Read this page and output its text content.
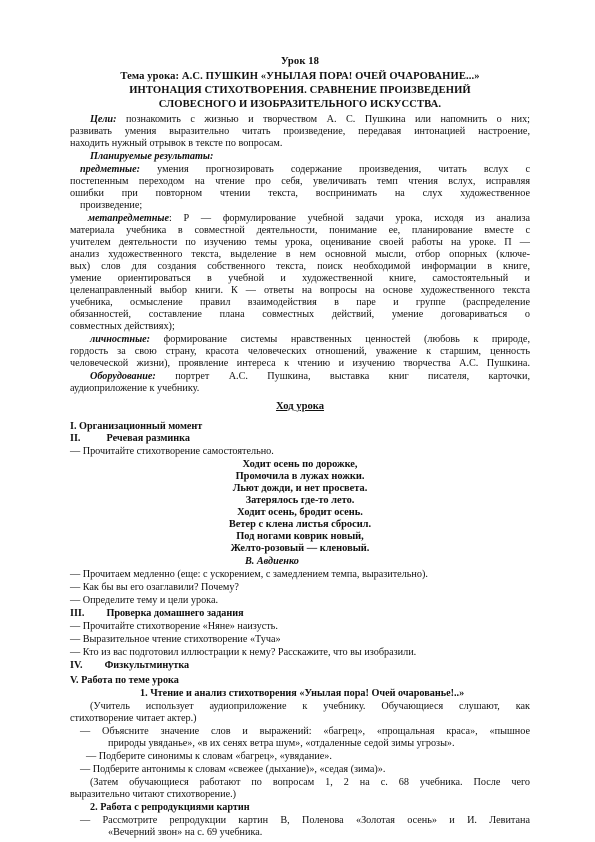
Урок 18
Тема урока: А.С. ПУШКИН «УНЫЛАЯ ПОРА! ОЧЕЙ ОЧАРОВАНИЕ...»
ИНТОНАЦИЯ СТИХОТВОРЕНИЯ. СРАВНЕНИЕ ПРОИЗВЕДЕНИЙ
СЛОВЕСНОГО И ИЗОБРАЗИТЕЛЬНОГО ИСКУССТВА.
Цели: познакомить с жизнью и творчеством А. С. Пушкина или напомнить о них;
развивать умения выразительно читать произведение, передавая интонацией настроение,
находить нужный отрывок в тексте по вопросам.
Планируемые результаты:
предметные: умения прогнозировать содержание произведения, читать вслух с
постепенным переходом на чтение про себя, увеличивать темп чтения вслух, исправляя
ошибки при повторном чтении текста, воспринимать на слух художественное
произведение;
метапредметные: Р — формулирование учебной задачи урока, исходя из анализа
материала учебника в совместной деятельности, понимание ее, планирование вместе с
учителем деятельности по изучению темы урока, оценивание своей работы на уроке. П —
анализ художественного текста, выделение в нем основной мысли, отбор опорных (ключе-
вых) слов для создания собственного текста, поиск необходимой информации в книге,
умение ориентироваться в учебной и художественной книге, самостоятельный и
целенаправленный выбор книги. К — ответы на вопросы на основе художественного текста
учебника, осмысление правил взаимодействия в паре и группе (распределение
обязанностей, составление плана совместных действий, умение договариваться о
совместных действиях);
личностные: формирование системы нравственных ценностей (любовь к природе,
гордость за свою страну, красота человеческих отношений, уважение к старшим, ценность
человеческой жизни), проявление интереса к чтению и изучению творчества А.С. Пушкина.
Оборудование: портрет А.С. Пушкина, выставка книг писателя, карточки,
аудиоприложение к учебнику.
Ход урока
I. Организационный момент
II.	Речевая разминка
— Прочитайте стихотворение самостоятельно.
Ходит осень по дорожке,
Промочила в лужах ножки.
Льют дожди, и нет просвета.
Затерялось где-то лето.
Ходит осень, бродит осень.
Ветер с клена листья сбросил.
Под ногами коврик новый,
Желто-розовый — кленовый.
В. Авдиенко
— Прочитаем медленно (еще: с ускорением, с замедлением темпа, выразительно).
— Как бы вы его озаглавили? Почему?
— Определите тему и цели урока.
III. Проверка домашнего задания
— Прочитайте стихотворение «Няне» наизусть.
— Выразительное чтение стихотворение «Туча»
— Кто из вас подготовил иллюстрации к нему? Расскажите, что вы изобразили.
IV. Физкультминутка
V. Работа по теме урока
1. Чтение и анализ стихотворения «Унылая пора! Очей очарованье!..»
(Учитель использует аудиоприложение к учебнику. Обучающиеся слушают, как
стихотворение читает актер.)
— Объясните значение слов и выражений: «багрец», «прощальная краса», «пышное
природы увяданье», «в их сенях ветра шум», «отдаленные седой зимы угрозы».
— Подберите синонимы к словам «багрец», «увядание».
— Подберите антонимы к словам «свежее (дыхание)», «седая (зима)».
(Затем обучающиеся работают по вопросам 1, 2 на с. 68 учебника. После чего
выразительно читают стихотворение.)
2. Работа с репродукциями картин
— Рассмотрите репродукции картин В, Поленова «Золотая осень» и И. Левитана
«Вечерний звон» на с. 69 учебника.
